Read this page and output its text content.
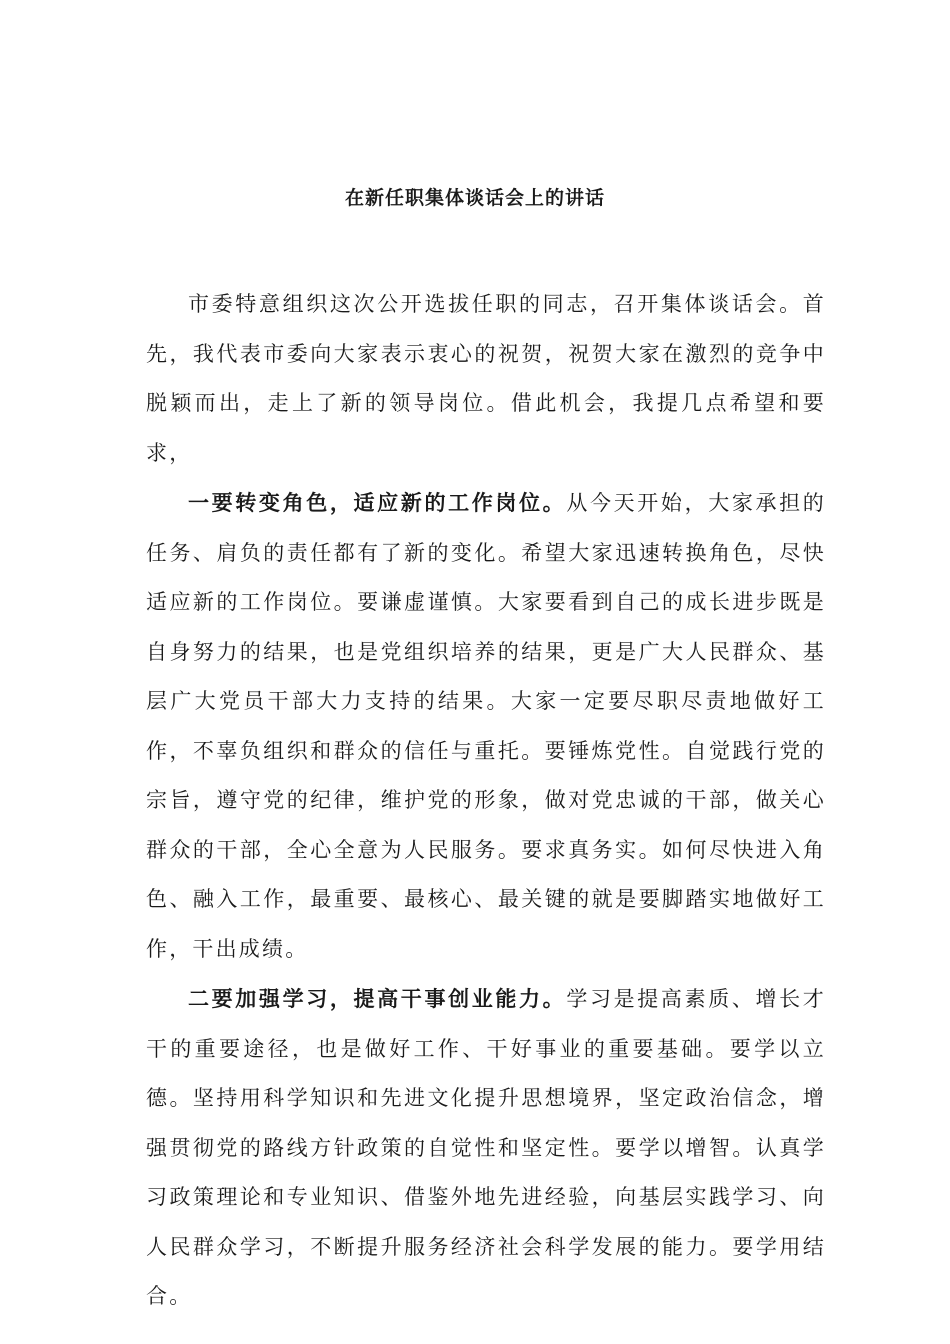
在新任职集体谈话会上的讲话

市委特意组织这次公开选拔任职的同志，召开集体谈话会。首先，我代表市委向大家表示衷心的祝贺，祝贺大家在激烈的竞争中脱颖而出，走上了新的领导岗位。借此机会，我提几点希望和要求，

一要转变角色，适应新的工作岗位。从今天开始，大家承担的任务、肩负的责任都有了新的变化。希望大家迅速转换角色，尽快适应新的工作岗位。要谦虚谨慎。大家要看到自己的成长进步既是自身努力的结果，也是党组织培养的结果，更是广大人民群众、基层广大党员干部大力支持的结果。大家一定要尽职尽责地做好工作，不辜负组织和群众的信任与重托。要锤炼党性。自觉践行党的宗旨，遵守党的纪律，维护党的形象，做对党忠诚的干部，做关心群众的干部，全心全意为人民服务。要求真务实。如何尽快进入角色、融入工作，最重要、最核心、最关键的就是要脚踏实地做好工作，干出成绩。

二要加强学习，提高干事创业能力。学习是提高素质、增长才干的重要途径，也是做好工作、干好事业的重要基础。要学以立德。坚持用科学知识和先进文化提升思想境界，坚定政治信念，增强贯彻党的路线方针政策的自觉性和坚定性。要学以增智。认真学习政策理论和专业知识、借鉴外地先进经验，向基层实践学习、向人民群众学习，不断提升服务经济社会科学发展的能力。要学用结合。
